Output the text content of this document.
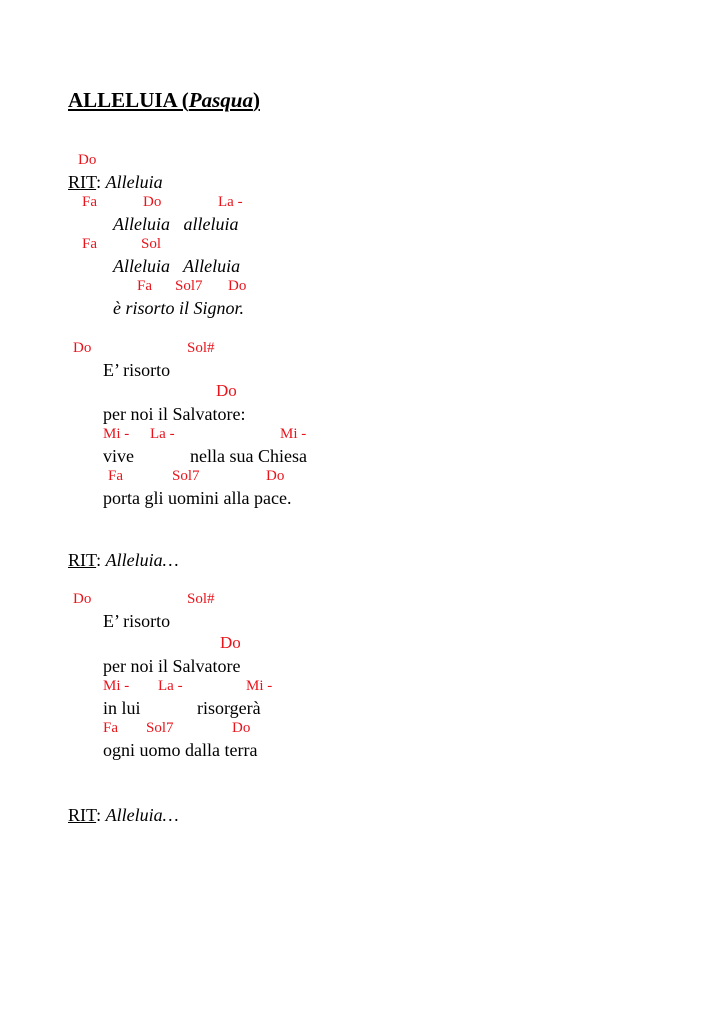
ALLELUIA (Pasqua)
Do
RIT: Alleluia
Fa	Do	La -
Alleluia   alleluia
Fa	Sol
Alleluia   Alleluia
Fa Sol7 Do
è risorto il Signor.
Do	Sol#
E’ risorto
Do
per noi il Salvatore:
Mi - La -	Mi -
vive	nella sua Chiesa
Fa	Sol7	Do
porta gli uomini alla pace.
RIT: Alleluia…
Do	Sol#
E’ risorto
Do
per noi il Salvatore
Mi - La -	Mi -
in lui	risorgerà
Fa Sol7	Do
ogni uomo dalla terra
RIT: Alleluia…
